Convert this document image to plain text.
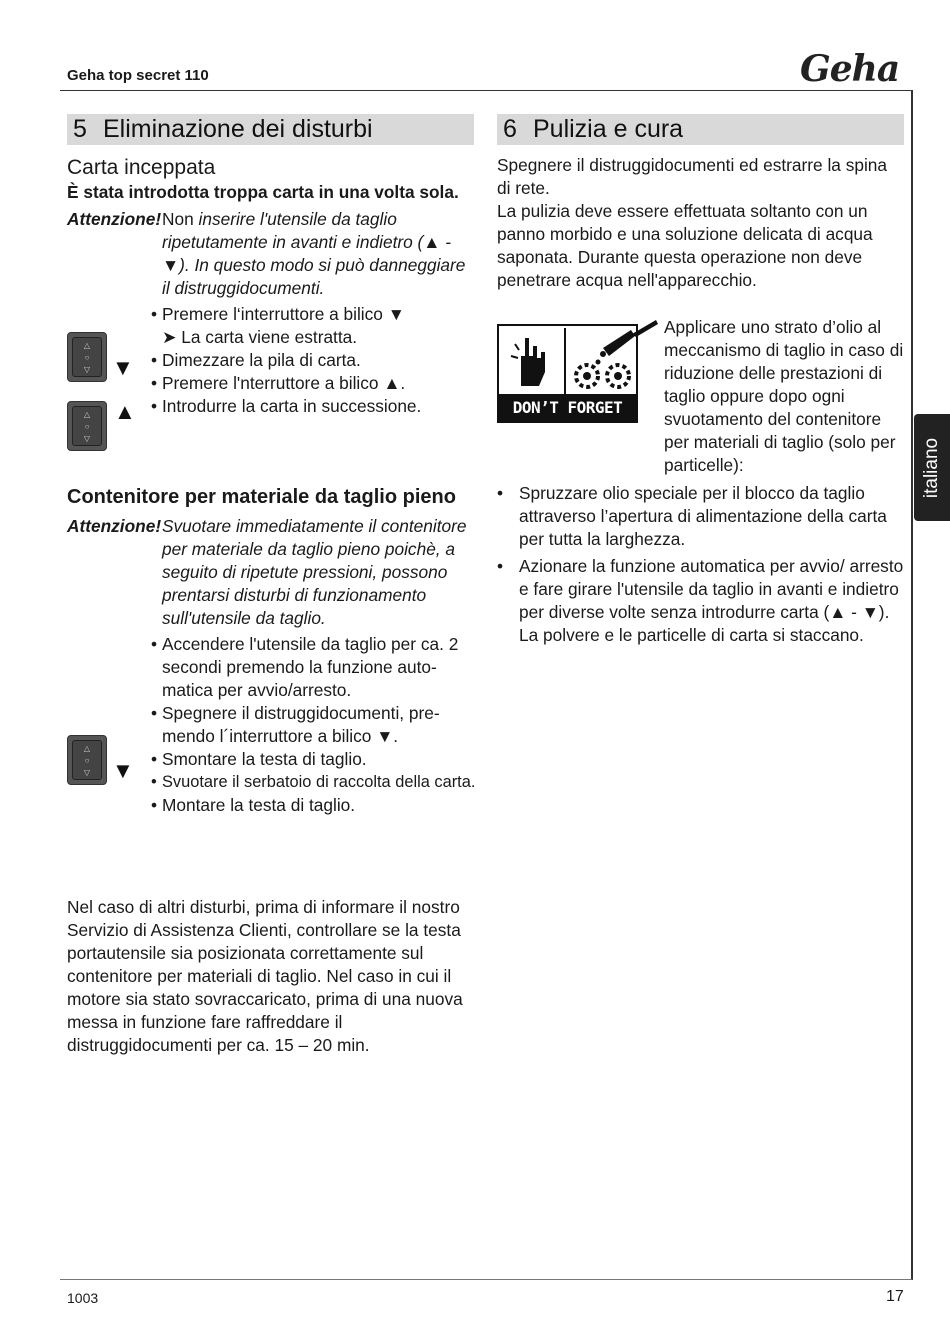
Geha top secret 110	Geha
italiano
5 Eliminazione dei disturbi

Carta inceppata

È stata introdotta troppa carta in una volta sola.

Attenzione! Non inserire l'utensile da taglio ripetutamente in avanti e indietro (▲ - ▼). In questo modo si può danneggiare il distruggidocumenti.

• Premere l‘interruttore a bilico ▼
➤ La carta viene estratta.
• Dimezzare la pila di carta.
• Premere l'nterruttore a bilico ▲.
• Introdurre la carta in successione.
△
○
▽ ▼
△
○
▽
▲

Contenitore per materiale da taglio pieno

Attenzione! Svuotare immediatamente il contenitore per materiale da taglio pieno poichè, a seguito di ripetute pressioni, possono prentarsi disturbi di funzionamento sull'utensile da taglio.

• Accendere l'utensile da taglio per ca. 2 secondi premendo la funzione automatica per avvio/arresto.
• Spegnere il distruggidocumenti, premendo l´interruttore a bilico ▼.
• Smontare la testa di taglio.
• Svuotare il serbatoio di raccolta della carta.
• Montare la testa di taglio.
△
○
▽ ▼
Nel caso di altri disturbi, prima di informare il nostro Servizio di Assistenza Clienti, controllare se la testa portautensile sia posizionata correttamente sul contenitore per materiali di taglio. Nel caso in cui il motore sia stato sovraccaricato, prima di una nuova messa in funzione fare raffreddare il distruggidocumenti per ca. 15 – 20 min.
6 Pulizia e cura

Spegnere il distruggidocumenti ed estrarre la spina di rete.

La pulizia deve essere effettuata soltanto con un panno morbido e una soluzione delicata di acqua saponata. Durante questa operazione non deve penetrare acqua nell'apparecchio.

DON’T FORGET
Applicare uno strato d’olio al meccanismo di taglio in caso di riduzione delle prestazioni di taglio oppure dopo ogni svuotamento del contenitore per materiali di taglio (solo per particelle):
• Spruzzare olio speciale per il blocco da taglio attraverso l’apertura di alimentazione della carta per tutta la larghezza.
• Azionare la funzione automatica per avvio/ arresto e fare girare l'utensile da taglio in avanti e indietro per diverse volte senza introdurre carta (▲ - ▼). La polvere e le particelle di carta si staccano.
1003	17
